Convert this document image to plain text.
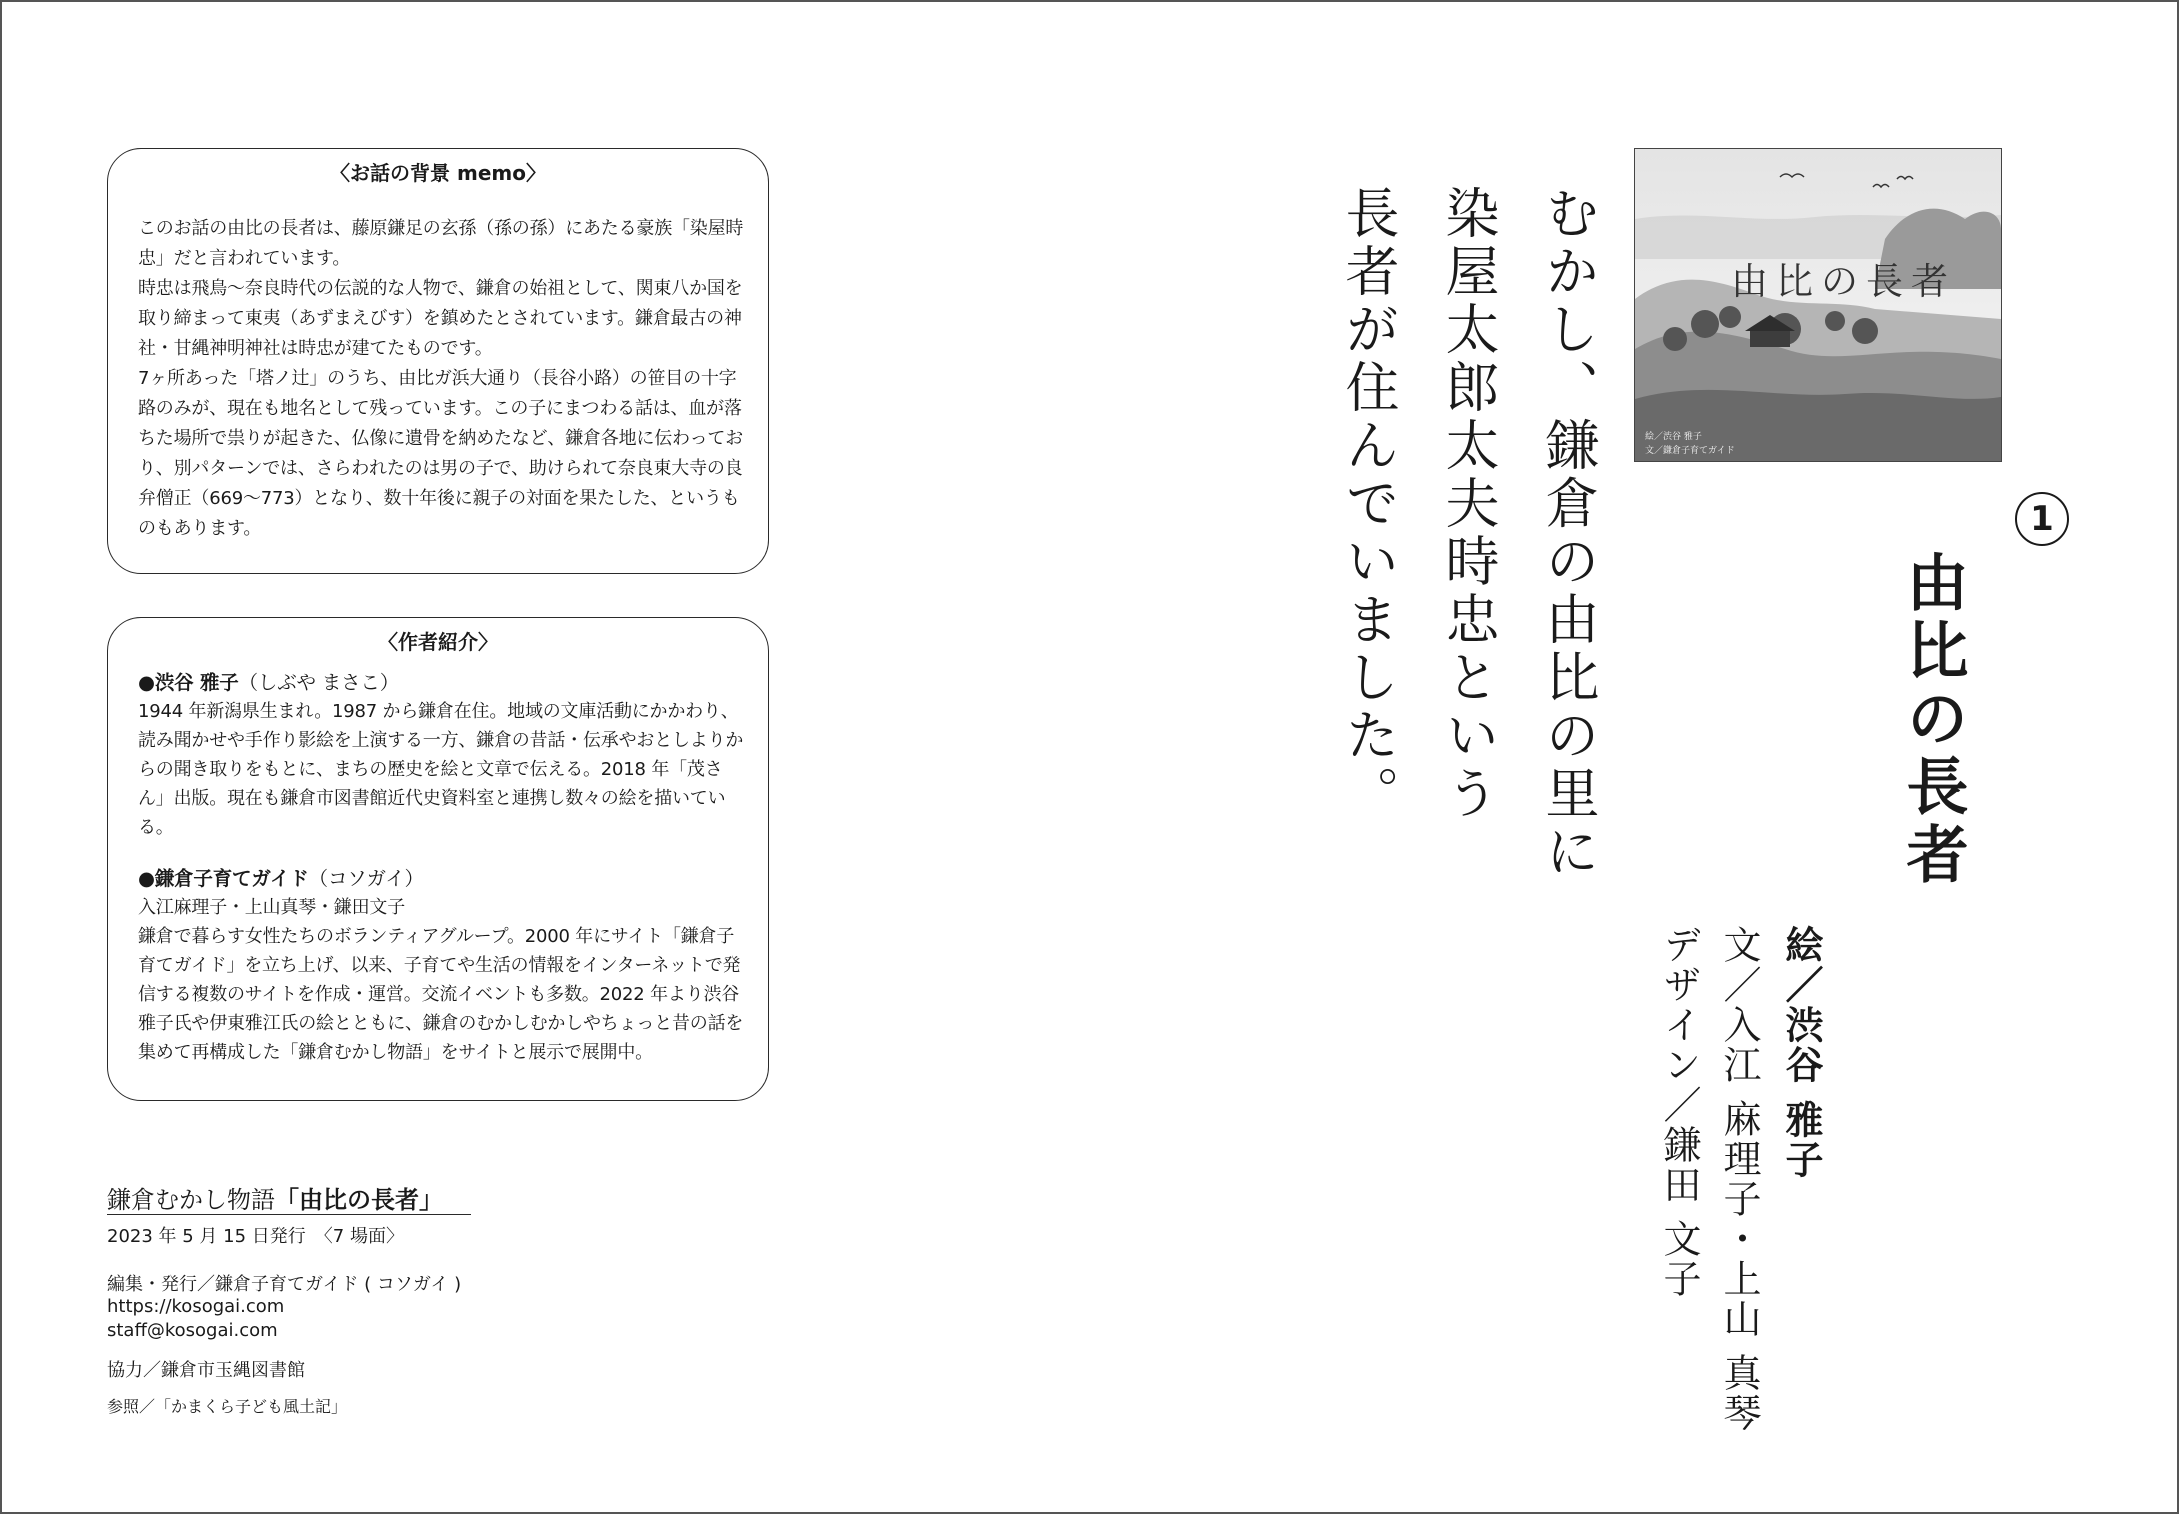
〈お話の背景 memo〉

このお話の由比の長者は、藤原鎌足の玄孫（孫の孫）にあたる豪族「染屋時忠」だと言われています。

時忠は飛鳥〜奈良時代の伝説的な人物で、鎌倉の始祖として、関東八か国を取り締まって東夷（あずまえびす）を鎮めたとされています。鎌倉最古の神社・甘縄神明神社は時忠が建てたものです。

7ヶ所あった「塔ノ辻」のうち、由比ガ浜大通り（長谷小路）の笹目の十字路のみが、現在も地名として残っています。この子にまつわる話は、血が落ちた場所で祟りが起きた、仏像に遺骨を納めたなど、鎌倉各地に伝わっており、別パターンでは、さらわれたのは男の子で、助けられて奈良東大寺の良弁僧正（669〜773）となり、数十年後に親子の対面を果たした、というものもあります。

〈作者紹介〉

●渋谷 雅子（しぶや まさこ）

1944 年新潟県生まれ。1987 から鎌倉在住。地域の文庫活動にかかわり、読み聞かせや手作り影絵を上演する一方、鎌倉の昔話・伝承やおとしよりからの聞き取りをもとに、まちの歴史を絵と文章で伝える。2018 年「茂さん」出版。現在も鎌倉市図書館近代史資料室と連携し数々の絵を描いている。

●鎌倉子育てガイド（コソガイ）

入江麻理子・上山真琴・鎌田文子

鎌倉で暮らす女性たちのボランティアグループ。2000 年にサイト「鎌倉子育てガイド」を立ち上げ、以来、子育てや生活の情報をインターネットで発信する複数のサイトを作成・運営。交流イベントも多数。2022 年より渋谷雅子氏や伊東雅江氏の絵とともに、鎌倉のむかしむかしやちょっと昔の話を集めて再構成した「鎌倉むかし物語」をサイトと展示で展開中。

鎌倉むかし物語「由比の長者」
2023 年 5 月 15 日発行　〈7 場面〉
編集・発行／鎌倉子育てガイド ( コソガイ )
https://kosogai.com
staff@kosogai.com
協力／鎌倉市玉縄図書館
参照／「かまくら子ども風土記」
むかし、鎌倉の由比の里に
染屋太郎太夫時忠という
長者が住んでいました。	由比の長者
絵／渋谷 雅子
文／鎌倉子育てガイド
1
由比の長者
絵／渋谷 雅子
文／入江 麻理子・上山 真琴
デザイン／鎌田 文子
